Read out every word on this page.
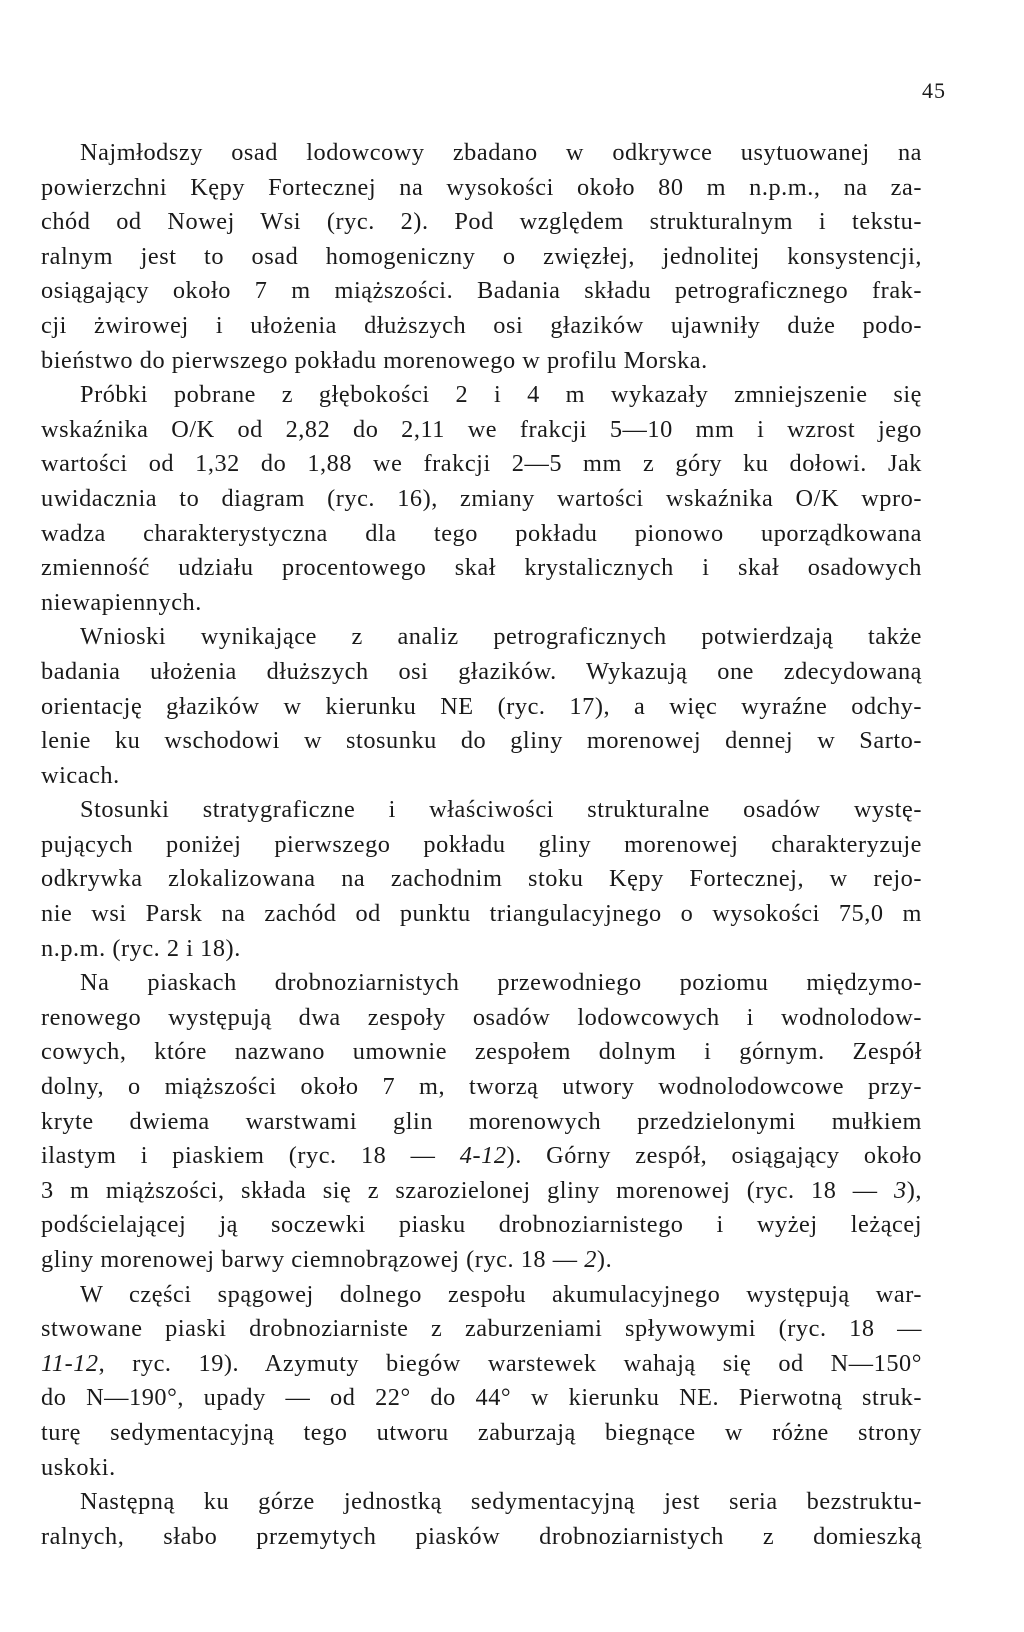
45
Najmłodszy osad lodowcowy zbadano w odkrywce usytuowanej na
powierzchni Kępy Fortecznej na wysokości około 80 m n.p.m., na za-
chód od Nowej Wsi (ryc. 2). Pod względem strukturalnym i tekstu-
ralnym jest to osad homogeniczny o zwięzłej, jednolitej konsystencji,
osiągający około 7 m miąższości. Badania składu petrograficznego frak-
cji żwirowej i ułożenia dłuższych osi głazików ujawniły duże podo-
bieństwo do pierwszego pokładu morenowego w profilu Morska.
Próbki pobrane z głębokości 2 i 4 m wykazały zmniejszenie się
wskaźnika O/K od 2,82 do 2,11 we frakcji 5—10 mm i wzrost jego
wartości od 1,32 do 1,88 we frakcji 2—5 mm z góry ku dołowi. Jak
uwidacznia to diagram (ryc. 16), zmiany wartości wskaźnika O/K wpro-
wadza charakterystyczna dla tego pokładu pionowo uporządkowana
zmienność udziału procentowego skał krystalicznych i skał osadowych
niewapiennych.
Wnioski wynikające z analiz petrograficznych potwierdzają także
badania ułożenia dłuższych osi głazików. Wykazują one zdecydowaną
orientację głazików w kierunku NE (ryc. 17), a więc wyraźne odchy-
lenie ku wschodowi w stosunku do gliny morenowej dennej w Sarto-
wicach.
Stosunki stratygraficzne i właściwości strukturalne osadów wystę-
pujących poniżej pierwszego pokładu gliny morenowej charakteryzuje
odkrywka zlokalizowana na zachodnim stoku Kępy Fortecznej, w rejo-
nie wsi Parsk na zachód od punktu triangulacyjnego o wysokości 75,0 m
n.p.m. (ryc. 2 i 18).
Na piaskach drobnoziarnistych przewodniego poziomu międzymo-
renowego występują dwa zespoły osadów lodowcowych i wodnolodow-
cowych, które nazwano umownie zespołem dolnym i górnym. Zespół
dolny, o miąższości około 7 m, tworzą utwory wodnolodowcowe przy-
kryte dwiema warstwami glin morenowych przedzielonymi mułkiem
ilastym i piaskiem (ryc. 18 — 4-12). Górny zespół, osiągający około
3 m miąższości, składa się z szarozielonej gliny morenowej (ryc. 18 — 3),
podścielającej ją soczewki piasku drobnoziarnistego i wyżej leżącej
gliny morenowej barwy ciemnobrązowej (ryc. 18 — 2).
W części spągowej dolnego zespołu akumulacyjnego występują war-
stwowane piaski drobnoziarniste z zaburzeniami spływowymi (ryc. 18 —
11-12, ryc. 19). Azymuty biegów warstewek wahają się od N—150°
do N—190°, upady — od 22° do 44° w kierunku NE. Pierwotną struk-
turę sedymentacyjną tego utworu zaburzają biegnące w różne strony
uskoki.
Następną ku górze jednostką sedymentacyjną jest seria bezstruktu-
ralnych, słabo przemytych piasków drobnoziarnistych z domieszką
